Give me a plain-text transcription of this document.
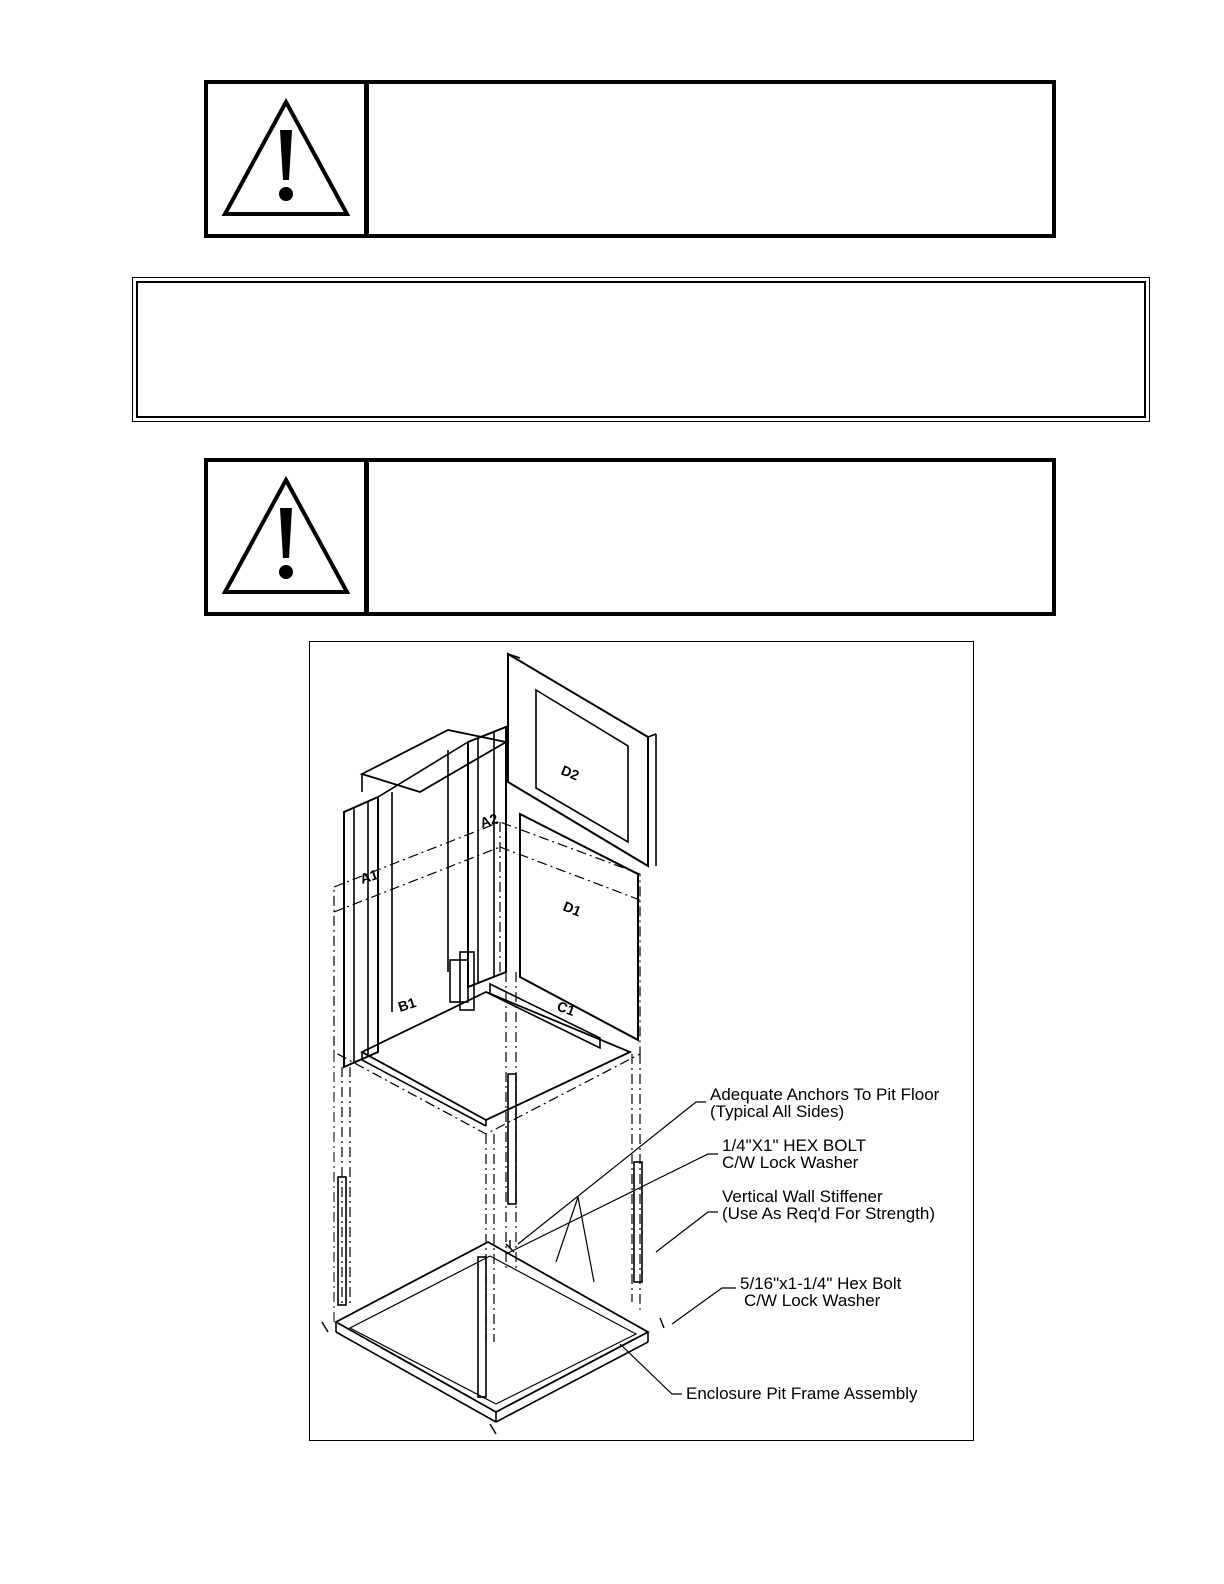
A1
A2
B1	C1
D1
D2
Adequate Anchors To Pit Floor
(Typical All Sides)
1/4"X1" HEX BOLT
C/W Lock Washer
Vertical Wall Stiffener
(Use As Req'd For Strength)
5/16"x1-1/4" Hex Bolt
C/W Lock Washer
Enclosure Pit Frame Assembly
